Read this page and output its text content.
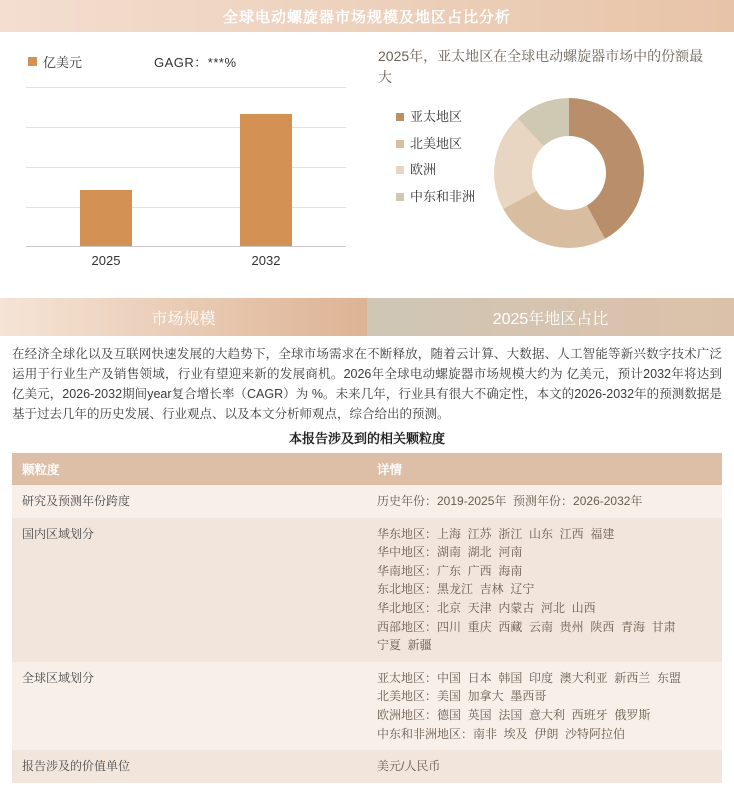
全球电动螺旋器市场规模及地区占比分析
亿美元	GAGR：***%
2025	2032
2025年，亚太地区在全球电动螺旋器市场中的份额最大
亚太地区
北美地区
欧洲
中东和非洲
市场规模	2025年地区占比
在经济全球化以及互联网快速发展的大趋势下，全球市场需求在不断释放，随着云计算、大数据、人工智能等新兴数字技术广泛运用于行业生产及销售领域，行业有望迎来新的发展商机。2026年全球电动螺旋器市场规模大约为 亿美元，预计2032年将达到 亿美元，2026-2032期间year复合增长率（CAGR）为 %。未来几年，行业具有很大不确定性，本文的2026-2032年的预测数据是基于过去几年的历史发展、行业观点、以及本文分析师观点，综合给出的预测。
本报告涉及到的相关颗粒度
颗粒度	详情
研究及预测年份跨度	历史年份：2019-2025年  预测年份：2026-2032年

国内区域划分	华东地区：上海  江苏  浙江  山东  江西  福建
华中地区：湖南  湖北  河南
华南地区：广东  广西  海南
东北地区：黑龙江  吉林  辽宁
华北地区：北京  天津  内蒙古  河北  山西
西部地区：四川  重庆  西藏  云南  贵州  陕西  青海  甘肃
宁夏  新疆

全球区域划分	亚太地区：中国  日本  韩国  印度  澳大利亚  新西兰  东盟
北美地区：美国  加拿大  墨西哥
欧洲地区：德国  英国  法国  意大利  西班牙  俄罗斯
中东和非洲地区：南非  埃及  伊朗  沙特阿拉伯

报告涉及的价值单位	美元/人民币
